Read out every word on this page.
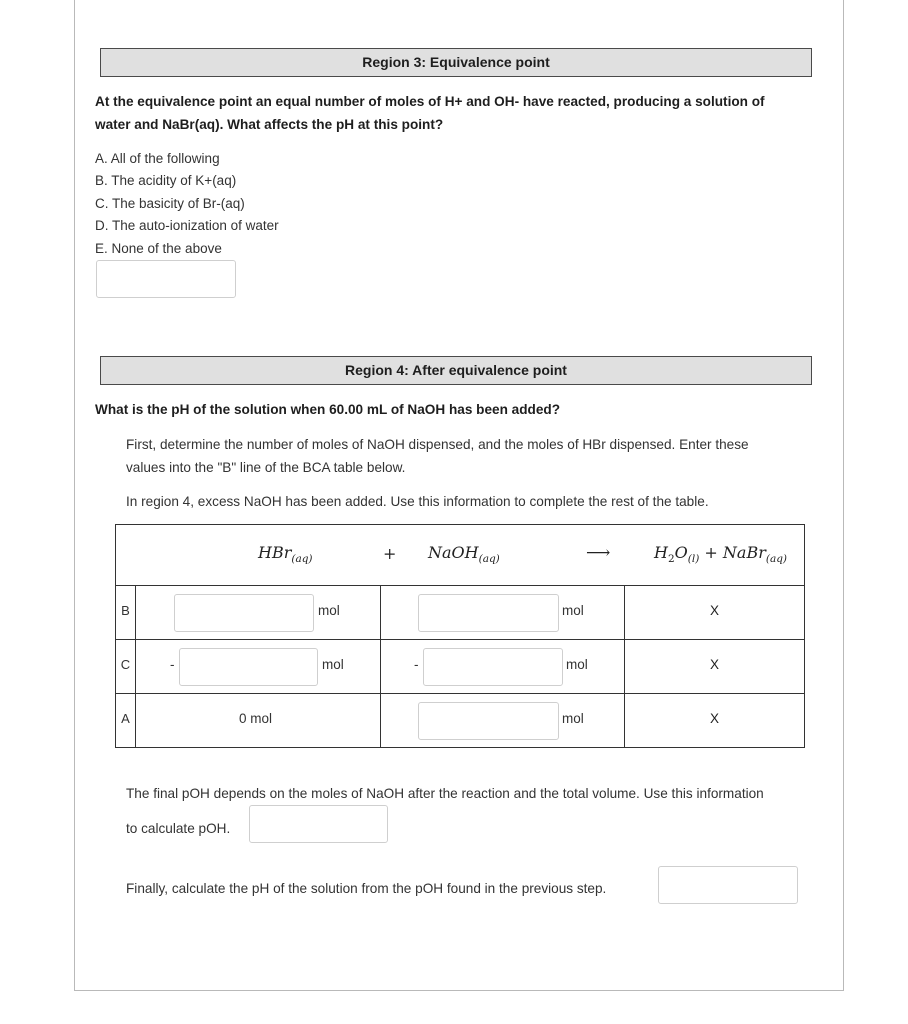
Region 3: Equivalence point
At the equivalence point an equal number of moles of H+ and OH- have reacted, producing a solution of
water and NaBr(aq). What affects the pH at this point?
A. All of the following
B. The acidity of K+(aq)
C. The basicity of Br-(aq)
D. The auto-ionization of water
E. None of the above
Region 4: After equivalence point
What is the pH of the solution when 60.00 mL of NaOH has been added?
First, determine the number of moles of NaOH dispensed, and the moles of HBr dispensed. Enter these
values into the "B" line of the BCA table below.
In region 4, excess NaOH has been added. Use this information to complete the rest of the table.
HBr$_{(aq)}$ + NaOH$_{(aq)}$ ⟶ $H_2O_{(l)}$ + NaBr$_{(aq)}$

B	mol	mol	X

C	- mol	- mol	X

A	0 mol	mol	X
The final pOH depends on the moles of NaOH after the reaction and the total volume. Use this information
to calculate pOH.
Finally, calculate the pH of the solution from the pOH found in the previous step.
